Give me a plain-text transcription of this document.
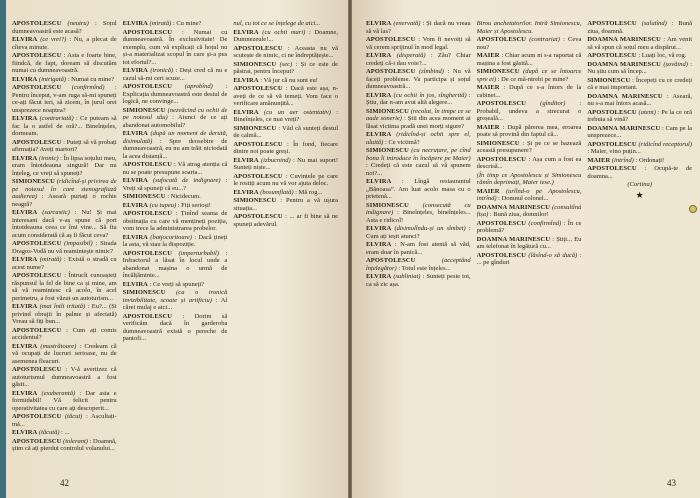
APOSTOLESCU (neutru) : Soțul dumneavoastră este acasă?

ELVIRA (ce vrei?) : Nu, a plecat de cîteva minute.

APOSTOLESCU : Asta e foarte bine, fiindcă, de fapt, doream să discutăm numai cu dumneavoastră.

ELVIRA (intrigată) : Numai cu mine?

APOSTOLESCU (confirmînd) : Pentru început, v-am ruga să-mi spuneți ce-ați făcut ieri, să zicem, în jurul orei unsprezece noaptea?

ELVIRA (contrariată) : Ce puteam să fac la o astfel de oră?... Bineînțeles, dormeam.

APOSTOLESCU : Puteți să vă probați afirmația? Aveți martori?

ELVIRA (ironic) : În lipsa soțului meu, eram întotdeauna singură! Dar nu înțeleg, ce vreți să spuneți?

SIMIONESCU (ridicînd-și privirea de pe notesul în care stenografiază audierea) : Aseară purtați o rochie neagră?

ELVIRA (sarcastic) : Nu! Și mai interesant dacă v-aș spune că port întotdeauna ceea ce îmi vine... Să fiu acum considerată că aș fi făcut ceva?

APOSTOLESCU (impasibil) : Strada Dragos-Vodă nu vă reamintește nimic?

ELVIRA (mirată) : Există o stradă cu acest nume?

APOSTOLESCU : Întrucît cunoașteți răspunsul la fel de bine ca și mine, am să vă reamintesc că acolo, în acel perimetru, a fost văzut un autoturism...

ELVIRA (mai întîi iritată) : Eu?... (Și privind obrajii în palme și afectată) Vreau să fiți bun...

APOSTOLESCU : Cum ați comis accidentul?

ELVIRA (mustrătoare) : Credeam că vă ocupați de lucruri serioase, nu de asemenea fleacuri.

APOSTOLESCU : V-ă avertizez că autoturismul dumneavoastră a fost găsit...

ELVIRA (exuberantă) : Dar asta e formidabil! Vă felicit pentru operativitatea cu care ați descoperit...

APOSTOLESCU (tăcut) : Ascultați-mă...

ELVIRA (tăcută) : ...

APOSTOLESCU (tolerant) : Doamnă, știm că ați pierdut controlul volanului...

ELVIRA (mirată) : Cu mine?

APOSTOLESCU : Numai cu dumneavoastră. În exclusivitate! De exemplu, cum vă explicați că hoțul nu și-a materializat scopul în care și-a pus tot efortul?...

ELVIRA (ironică) : Deși cred că nu e cazul să-mi ceri scuze...

APOSTOLESCU (aprobînd) : Explicația dumneavoastră este destul de logică, ne convinge...

SIMIONESCU (nezvăcind cu ochii de pe notesul său) : Atunci de ce ați abandonat automobilul?

ELVIRA (după un moment de derută, disimulată) : Spre deosebire de dumneavoastră, eu nu am trăit niciodată la acea distanță...

APOSTOLESCU : Vă atrag atenția că nu se poate presupune soarta...

ELVIRA (sufocată de indignare) : Vreți să spuneți că eu...?

SIMIONESCU : Nicidecum.

ELVIRA (cu tupeu) : Fiți serioși!

APOSTOLESCU : Ținînd seama de obstinația cu care vă mențineți poziția, vom trece la administrarea probelor.

ELVIRA (batjocoritoare) : Dacă țineți la asta, vă stau la dispoziție.

APOSTOLESCU (imperturbabil) : Infractorul a lăsat în locul unde a abandonat mașina o urmă de încălțăminte...

ELVIRA : Ce vreți să spuneți?

SIMIONESCU (ca o ironică invizibilitate, scoate și artificiu) : Al cărei mulaj e aici...

APOSTOLESCU : Dorim să verificăm dacă în garderoba dumneavoastră există o pereche de pantofi...

nul, cu tot ce se înțelege de aici...

ELVIRA (cu ochii mari) : Doamne, Dumnezeule!...

APOSTOLESCU : Aceasta nu vă scutește de nimic, ci ne îndreptățește...

SIMIONESCU (sec) : Și ce este de păstrat, pentru început?

ELVIRA : Vă jur că nu sunt eu!

APOSTOLESCU : Dacă este așa, n-aveți de ce să vă temeți. Vom face o verificare amănunțită...

ELVIRA (cu un aer ostentativ) : Bineînțeles, ce mai vreți?

SIMIONESCU : Văd că sunteți destul de calmă...

APOSTOLESCU : În fond, fiecare dintre noi poate greși.

ELVIRA (izbucnind) : Nu mai suport! Sunteți niște...

APOSTOLESCU : Cuvintele pe care le rostiți acum nu vă vor ajuta deloc.

ELVIRA (bosumflată) : Mă rog...

SIMIONESCU : Pentru a vă ușura situația...

APOSTOLESCU : ... ar fi bine să ne spuneți adevărul.

42

ELVIRA (enervată) : Și dacă nu vreau să vă las?

APOSTOLESCU : Vom fi nevoiți să vă cerem sprijinul în mod legal.

ELVIRA (disperată) : Zău? Chiar credeți că-i dau voie?...

APOSTOLESCU (zîmbind) : Nu vă faceți probleme. Va participa și soțul dumneavoastră...

ELVIRA (cu ochii în jos, sîngherită) : Știu, dar n-am avut altă alegere...

SIMIONESCU (recolat, în timpe ce se aude sonerie) : Știi din acea moment ai lăsat victima pradă unei morți sigure?

ELVIRA (ridicînd-și ochii spre el, uluită) : Ce victimă?

SIMIONESCU (cu necruțare, pe cînd bona îi introduce în încăpere pe Maier) : Credeți că este cazul să vă spunem noi?...

ELVIRA : Lîngă restaurantul „Bănoasa”. Am luat acolo masa cu o prietenă...

SIMIONESCU (consecută cu indignare) : Bineînțeles, bineînțeles... Asta e ridicol!

ELVIRA (disimulîndu-și un sîmbet) : Cum ați ieșit atunci?

ELVIRA : N-am fost atentă să văd, eram doar în panică...

APOSTOLESCU	(acceptând înțelegător) : Totul este înțeles...

ELVIRA (subliniat) : Sunteți peste tot, ca să zic așa.

Birou anchetatorilor. Intră Simionescu, Maier și Apostolescu.

APOSTOLESCU (contrariat) : Ceva nou?

MAIER : Chiar acum ni s-a raportat că mașina a fost găsită...

SIMIONESCU (după ce se întoarce spre ei) : De ce mă-ntrebi pe mine?

MAIER : După ce s-a întors de la cabinet...

APOSTOLESCU (gînditor) : Probabil, undeva a strecurat o greșeală...

MAIER : După părerea mea, eroarea poate să provină din faptul că...

SIMIONESCU : Și pe ce se bazează această presupunere?

APOSTOLESCU : Așa cum a fost ea descrisă...

(În timp ce Apostolescu și Simionescu rămîn deprimați, Maier iese.)

MAIER (urlînd-o pe Apostolescu, intrînd) : Domnul colonel...

DOAMNA MARINESCU (consultînd fișa) : Bună ziua, domnilor!

APOSTOLESCU (confirmînd) : În ce problemă?

DOAMNA MARINESCU : Știți... Eu am telefonat în legătură cu...

APOSTOLESCU (lăsînd-o să ducă) : ... pe gînduri

APOSTOLESCU (salutînd) : Bună ziua, doamnă.

DOAMNA MARINESCU : Am venit să vă spun că soțul meu a dispărut...

APOSTOLESCU : Luați loc, vă rog.

DOAMNA MARINESCU (șovăind) : Nu știu cum să încep...

SIMIONESCU : Începeți cu ce credeți că e mai important.

DOAMNA MARINESCU : Aseară, nu s-a mai întors acasă...

APOSTOLESCU (atent) : Pe la ce oră trebuia să vină?

DOAMNA MARINESCU : Cam pe la unsprezece...

APOSTOLESCU (ridicînd receptorul) : Maier, vino puțin...

MAIER (intrînd) : Ordonați!

APOSTOLESCU : Ocupă-te de doamna...

(Cortina)
★

43
